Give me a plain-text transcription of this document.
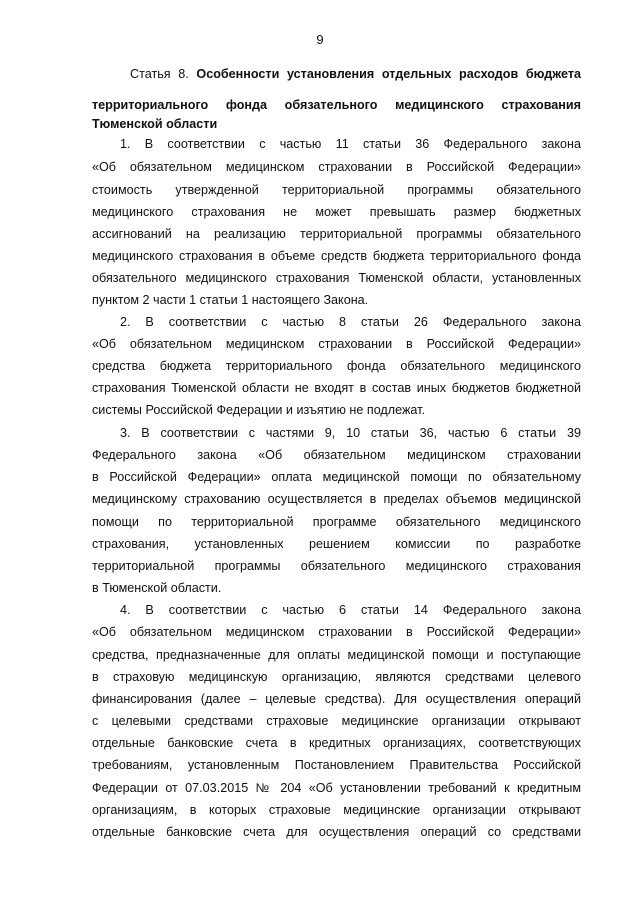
9
Статья 8. Особенности установления отдельных расходов бюджета
территориального фонда обязательного медицинского страхования
Тюменской области
1. В соответствии с частью 11 статьи 36 Федерального закона
«Об обязательном медицинском страховании в Российской Федерации»
стоимость утвержденной территориальной программы обязательного
медицинского страхования не может превышать размер бюджетных
ассигнований на реализацию территориальной программы обязательного
медицинского страхования в объеме средств бюджета территориального фонда
обязательного медицинского страхования Тюменской области, установленных
пунктом 2 части 1 статьи 1 настоящего Закона.
2. В соответствии с частью 8 статьи 26 Федерального закона
«Об обязательном медицинском страховании в Российской Федерации»
средства бюджета территориального фонда обязательного медицинского
страхования Тюменской области не входят в состав иных бюджетов бюджетной
системы Российской Федерации и изъятию не подлежат.
3. В соответствии с частями 9, 10 статьи 36, частью 6 статьи 39
Федерального закона «Об обязательном медицинском страховании
в Российской Федерации» оплата медицинской помощи по обязательному
медицинскому страхованию осуществляется в пределах объемов медицинской
помощи по территориальной программе обязательного медицинского
страхования, установленных решением комиссии по разработке
территориальной программы обязательного медицинского страхования
в Тюменской области.
4. В соответствии с частью 6 статьи 14 Федерального закона
«Об обязательном медицинском страховании в Российской Федерации»
средства, предназначенные для оплаты медицинской помощи и поступающие
в страховую медицинскую организацию, являются средствами целевого
финансирования (далее – целевые средства). Для осуществления операций
с целевыми средствами страховые медицинские организации открывают
отдельные банковские счета в кредитных организациях, соответствующих
требованиям, установленным Постановлением Правительства Российской
Федерации от 07.03.2015 № 204 «Об установлении требований к кредитным
организациям, в которых страховые медицинские организации открывают
отдельные банковские счета для осуществления операций со средствами
